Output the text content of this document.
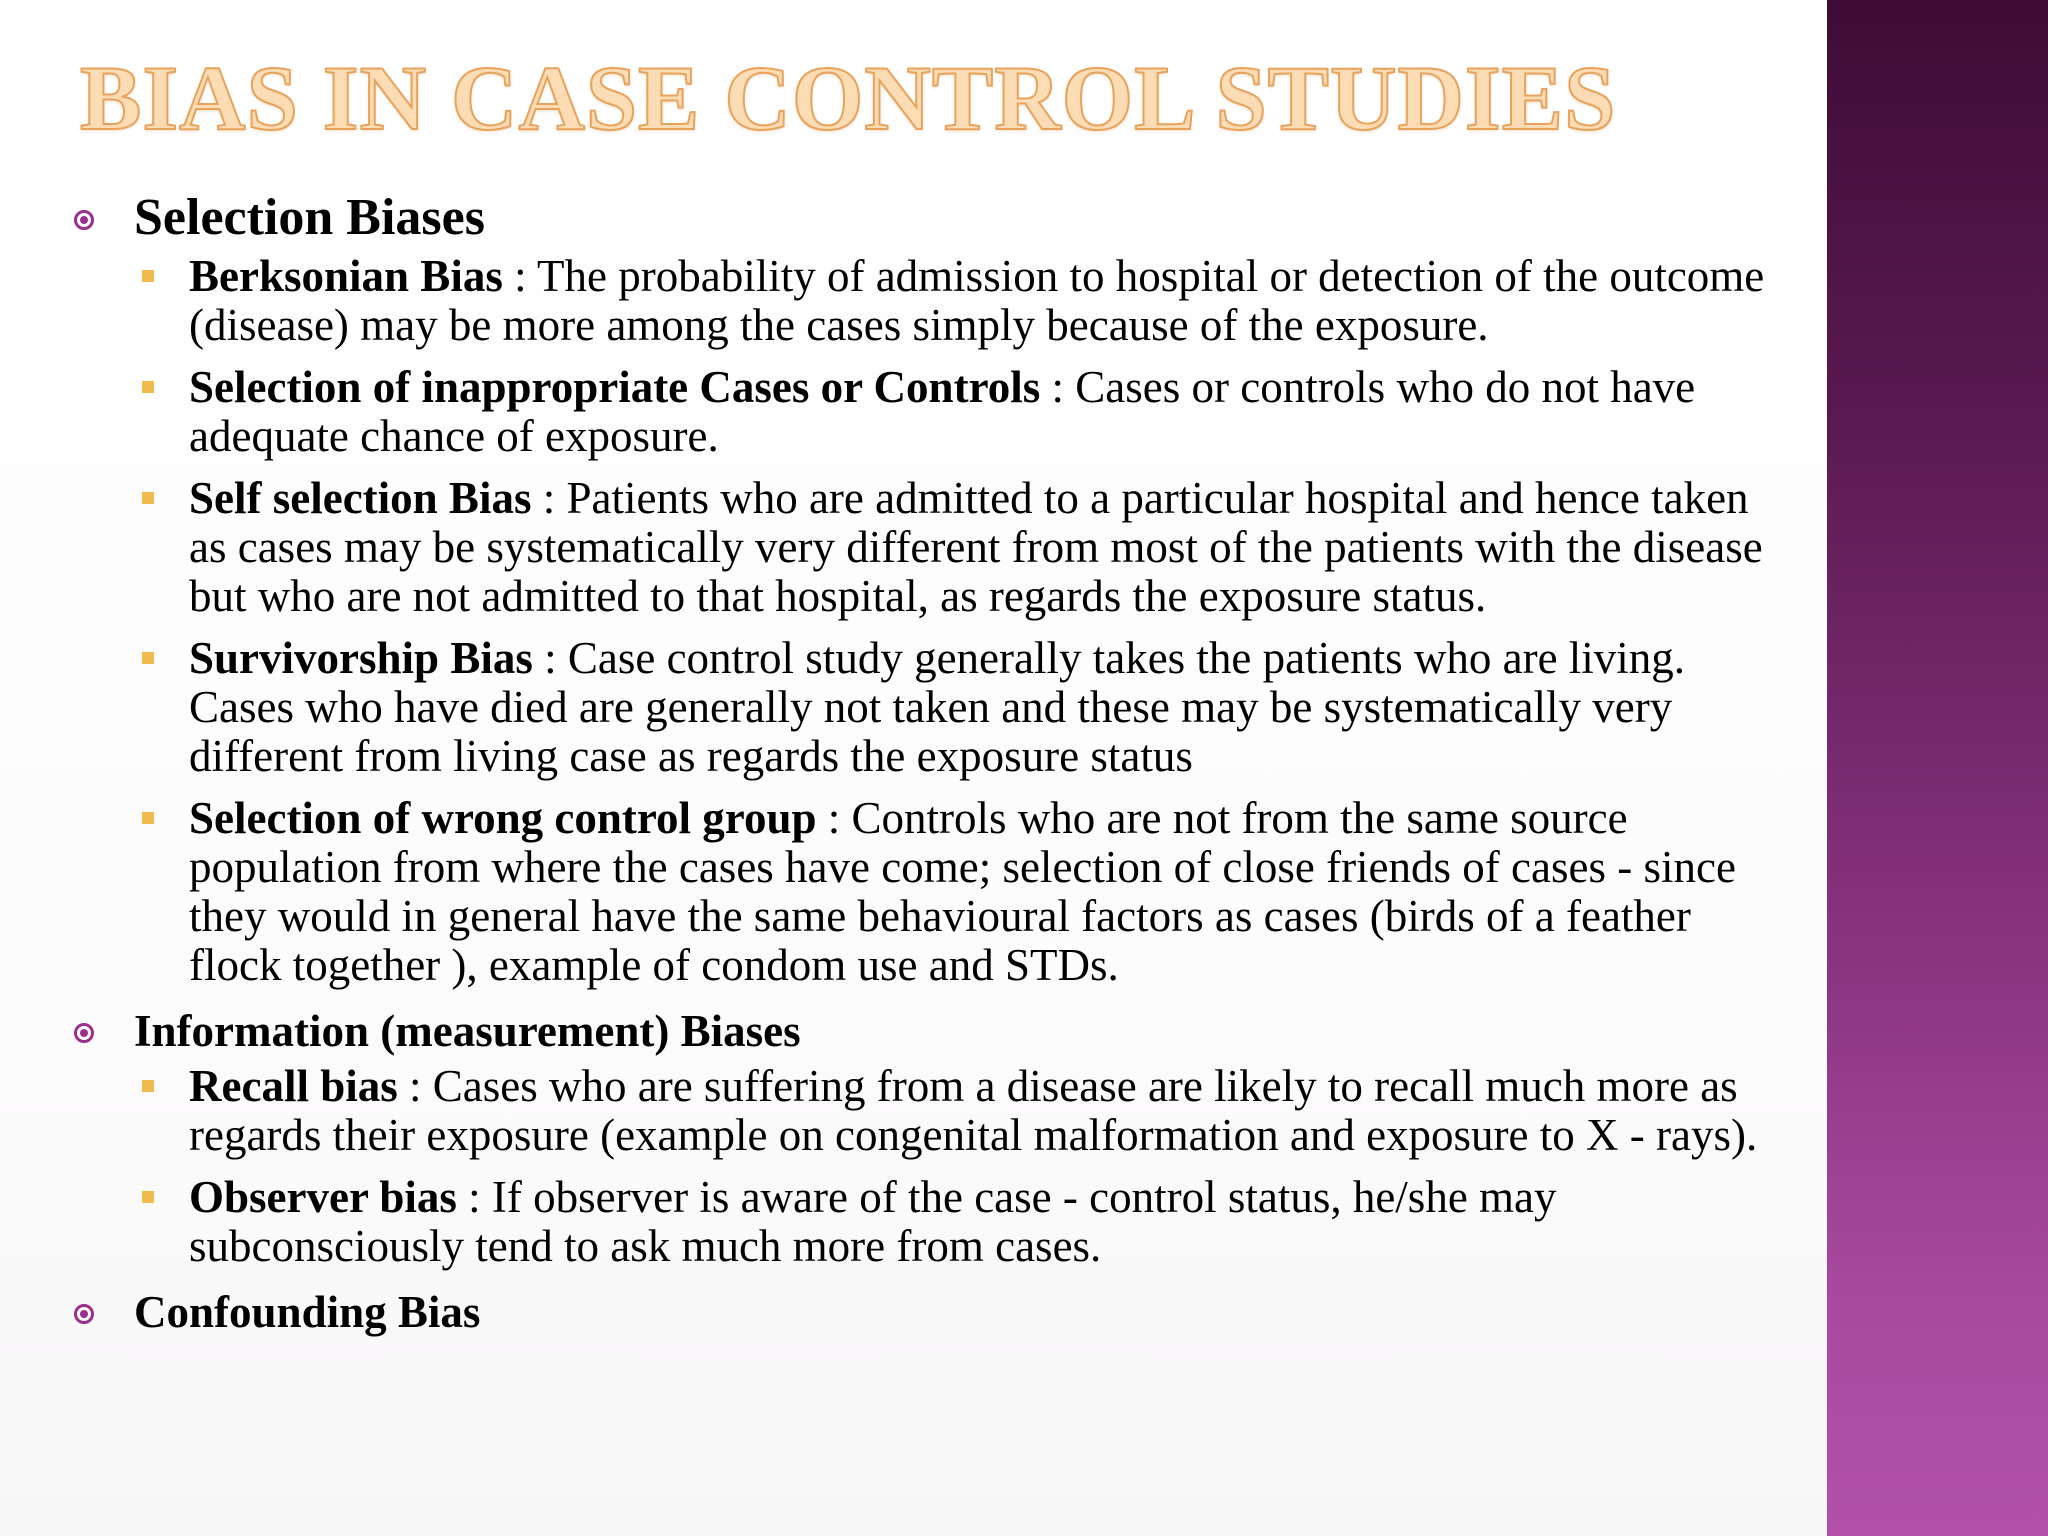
BIAS IN CASE CONTROL STUDIES

Selection Biases

Berksonian Bias : The probability of admission to hospital or detection of the outcome (disease) may be more among the cases simply because of the exposure.

Selection of inappropriate Cases or Controls : Cases or controls who do not have adequate chance of exposure.

Self selection Bias : Patients who are admitted to a particular hospital and hence taken as cases may be systematically very different from most of the patients with the disease but who are not admitted to that hospital, as regards the exposure status.

Survivorship Bias : Case control study generally takes the patients who are living. Cases who have died are generally not taken and these may be systematically very different from living case as regards the exposure status

Selection of wrong control group : Controls who are not from the same source population from where the cases have come; selection of close friends of cases - since they would in general have the same behavioural factors as cases (birds of a feather flock together ), example of condom use and STDs.

Information (measurement) Biases

Recall bias : Cases who are suffering from a disease are likely to recall much more as regards their exposure (example on congenital malformation and exposure to X - rays).

Observer bias : If observer is aware of the case - control status, he/she may subconsciously tend to ask much more from cases.

Confounding Bias
